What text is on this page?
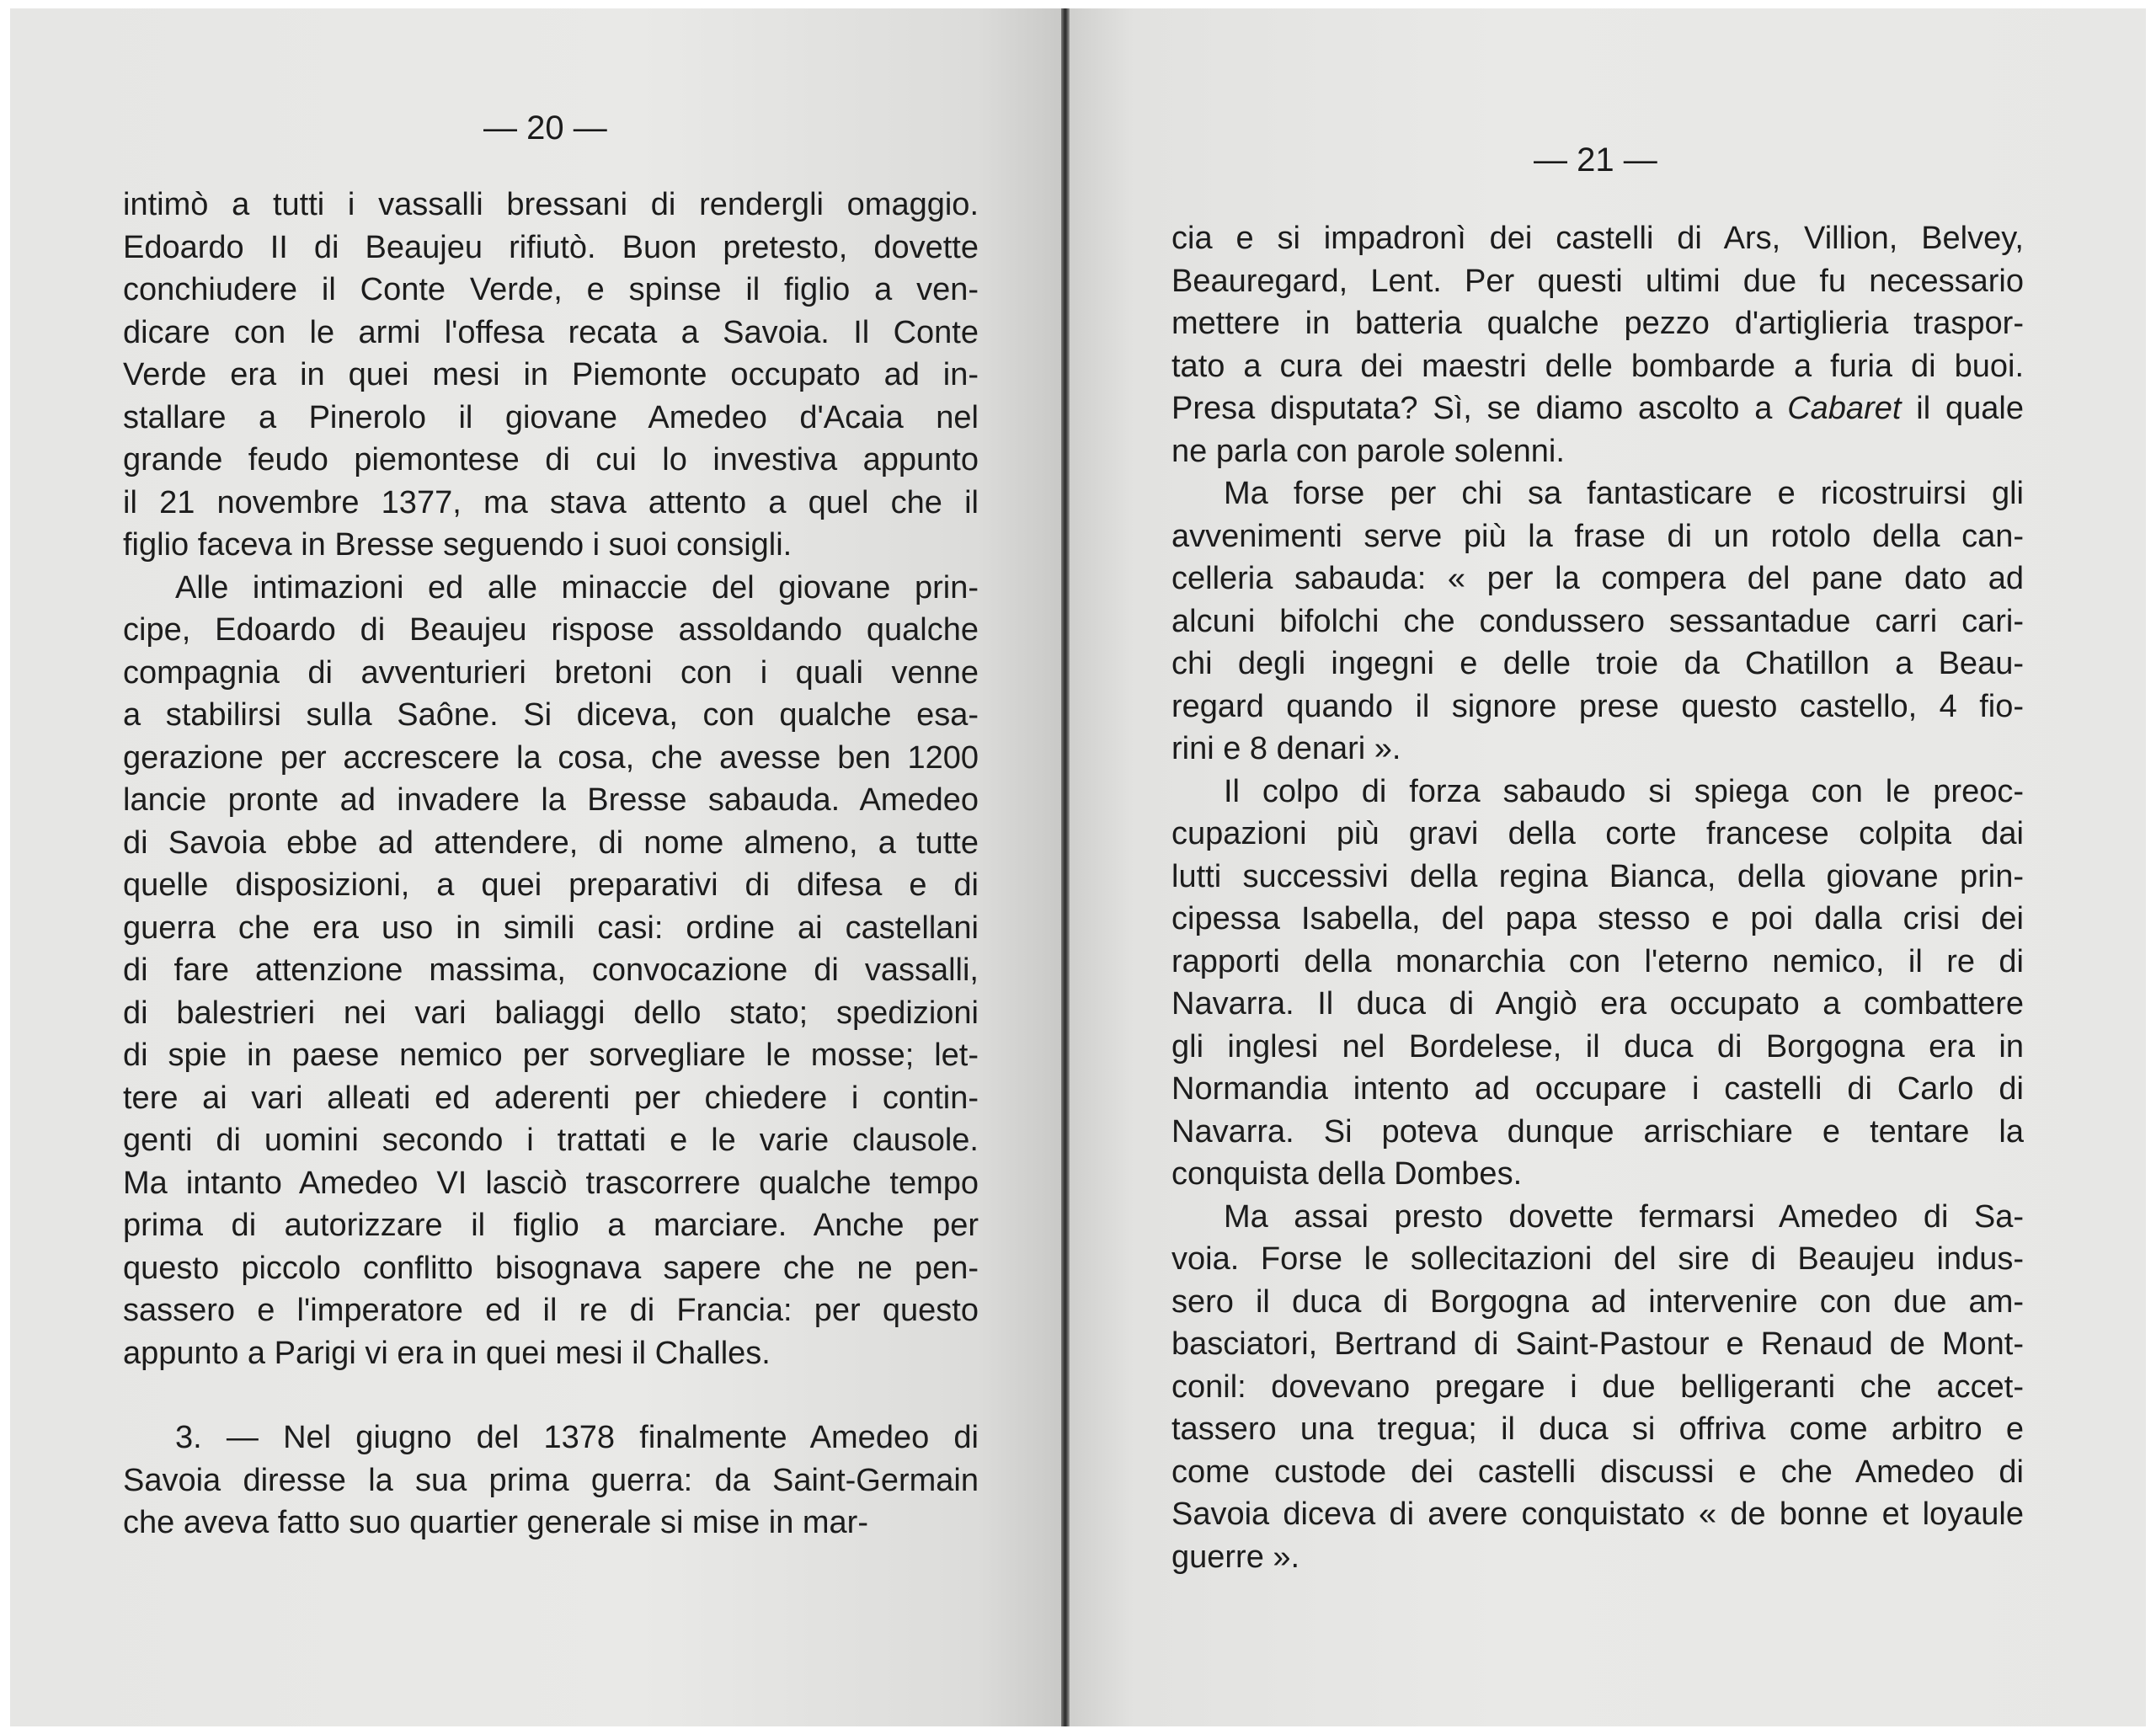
— 20 —

intimò a tutti i vassalli bressani di rendergli omaggio.
Edoardo II di Beaujeu rifiutò. Buon pretesto, dovette
conchiudere il Conte Verde, e spinse il figlio a ven-
dicare con le armi l'offesa recata a Savoia. Il Conte
Verde era in quei mesi in Piemonte occupato ad in-
stallare a Pinerolo il giovane Amedeo d'Acaia nel
grande feudo piemontese di cui lo investiva appunto
il 21 novembre 1377, ma stava attento a quel che il
figlio faceva in Bresse seguendo i suoi consigli.

Alle intimazioni ed alle minaccie del giovane prin-
cipe, Edoardo di Beaujeu rispose assoldando qualche
compagnia di avventurieri bretoni con i quali venne
a stabilirsi sulla Saône. Si diceva, con qualche esa-
gerazione per accrescere la cosa, che avesse ben 1200
lancie pronte ad invadere la Bresse sabauda. Amedeo
di Savoia ebbe ad attendere, di nome almeno, a tutte
quelle disposizioni, a quei preparativi di difesa e di
guerra che era uso in simili casi: ordine ai castellani
di fare attenzione massima, convocazione di vassalli,
di balestrieri nei vari baliaggi dello stato; spedizioni
di spie in paese nemico per sorvegliare le mosse; let-
tere ai vari alleati ed aderenti per chiedere i contin-
genti di uomini secondo i trattati e le varie clausole.
Ma intanto Amedeo VI lasciò trascorrere qualche tempo
prima di autorizzare il figlio a marciare. Anche per
questo piccolo conflitto bisognava sapere che ne pen-
sassero e l'imperatore ed il re di Francia: per questo
appunto a Parigi vi era in quei mesi il Challes.

3. — Nel giugno del 1378 finalmente Amedeo di
Savoia diresse la sua prima guerra: da Saint-Germain
che aveva fatto suo quartier generale si mise in mar-

— 21 —

cia e si impadronì dei castelli di Ars, Villion, Belvey,
Beauregard, Lent. Per questi ultimi due fu necessario
mettere in batteria qualche pezzo d'artiglieria traspor-
tato a cura dei maestri delle bombarde a furia di buoi.
Presa disputata? Sì, se diamo ascolto a Cabaret il quale
ne parla con parole solenni.

Ma forse per chi sa fantasticare e ricostruirsi gli
avvenimenti serve più la frase di un rotolo della can-
celleria sabauda: « per la compera del pane dato ad
alcuni bifolchi che condussero sessantadue carri cari-
chi degli ingegni e delle troie da Chatillon a Beau-
regard quando il signore prese questo castello, 4 fio-
rini e 8 denari ».

Il colpo di forza sabaudo si spiega con le preoc-
cupazioni più gravi della corte francese colpita dai
lutti successivi della regina Bianca, della giovane prin-
cipessa Isabella, del papa stesso e poi dalla crisi dei
rapporti della monarchia con l'eterno nemico, il re di
Navarra. Il duca di Angiò era occupato a combattere
gli inglesi nel Bordelese, il duca di Borgogna era in
Normandia intento ad occupare i castelli di Carlo di
Navarra. Si poteva dunque arrischiare e tentare la
conquista della Dombes.

Ma assai presto dovette fermarsi Amedeo di Sa-
voia. Forse le sollecitazioni del sire di Beaujeu indus-
sero il duca di Borgogna ad intervenire con due am-
basciatori, Bertrand di Saint-Pastour e Renaud de Mont-
conil: dovevano pregare i due belligeranti che accet-
tassero una tregua; il duca si offriva come arbitro e
come custode dei castelli discussi e che Amedeo di
Savoia diceva di avere conquistato « de bonne et loyaule
guerre ».
